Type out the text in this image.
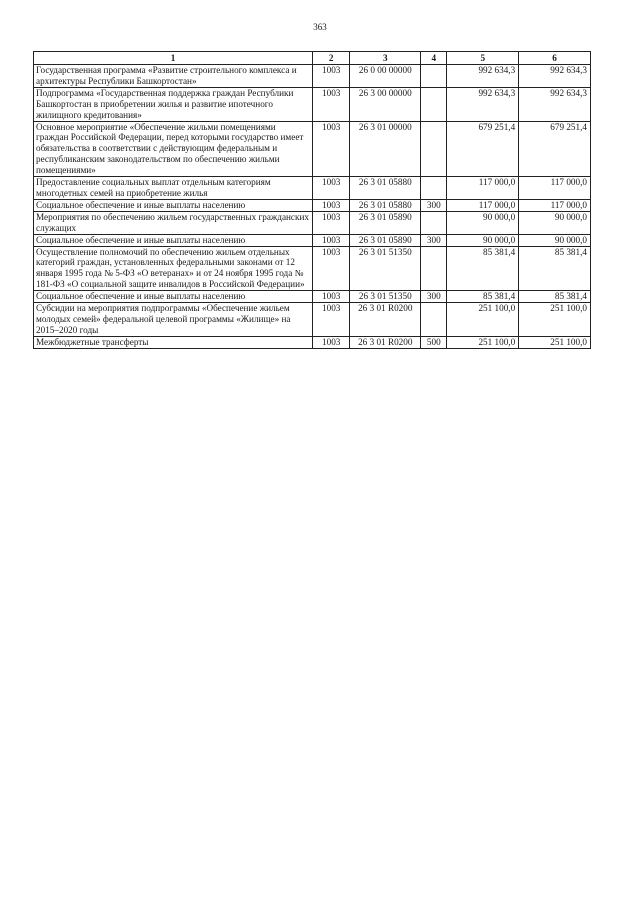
363
1	2	3	4	5	6
Государственная программа «Развитие строительного комплекса и архитектуры Республики Башкортостан»	1003	26 0 00 00000		992 634,3	992 634,3
Подпрограмма «Государственная поддержка граждан Республики Башкортостан в приобретении жилья и развитие ипотечного жилищного кредитования»	1003	26 3 00 00000		992 634,3	992 634,3
Основное мероприятие «Обеспечение жильми помещениями граждан Российской Федерации, перед которыми государство имеет обязательства в соответствии с действующим федеральным и республиканским законодательством по обеспечению жильми помещениями»	1003	26 3 01 00000		679 251,4	679 251,4
Предоставление социальных выплат отдельным категориям многодетных семей на приобретение жилья	1003	26 3 01 05880		117 000,0	117 000,0
Социальное обеспечение и иные выплаты населению	1003	26 3 01 05880	300	117 000,0	117 000,0
Мероприятия по обеспечению жильем государственных гражданских служащих	1003	26 3 01 05890		90 000,0	90 000,0
Социальное обеспечение и иные выплаты населению	1003	26 3 01 05890	300	90 000,0	90 000,0
Осуществление полномочий по обеспечению жильем отдельных категорий граждан, установленных федеральными законами от 12 января 1995 года № 5-ФЗ «О ветеранах» и от 24 ноября 1995 года № 181-ФЗ «О социальной защите инвалидов в Российской Федерации»	1003	26 3 01 51350		85 381,4	85 381,4
Социальное обеспечение и иные выплаты населению	1003	26 3 01 51350	300	85 381,4	85 381,4
Субсидии на мероприятия подпрограммы «Обеспечение жильем молодых семей» федеральной целевой программы «Жилище» на 2015–2020 годы	1003	26 3 01 R0200		251 100,0	251 100,0
Межбюджетные трансферты	1003	26 3 01 R0200	500	251 100,0	251 100,0
